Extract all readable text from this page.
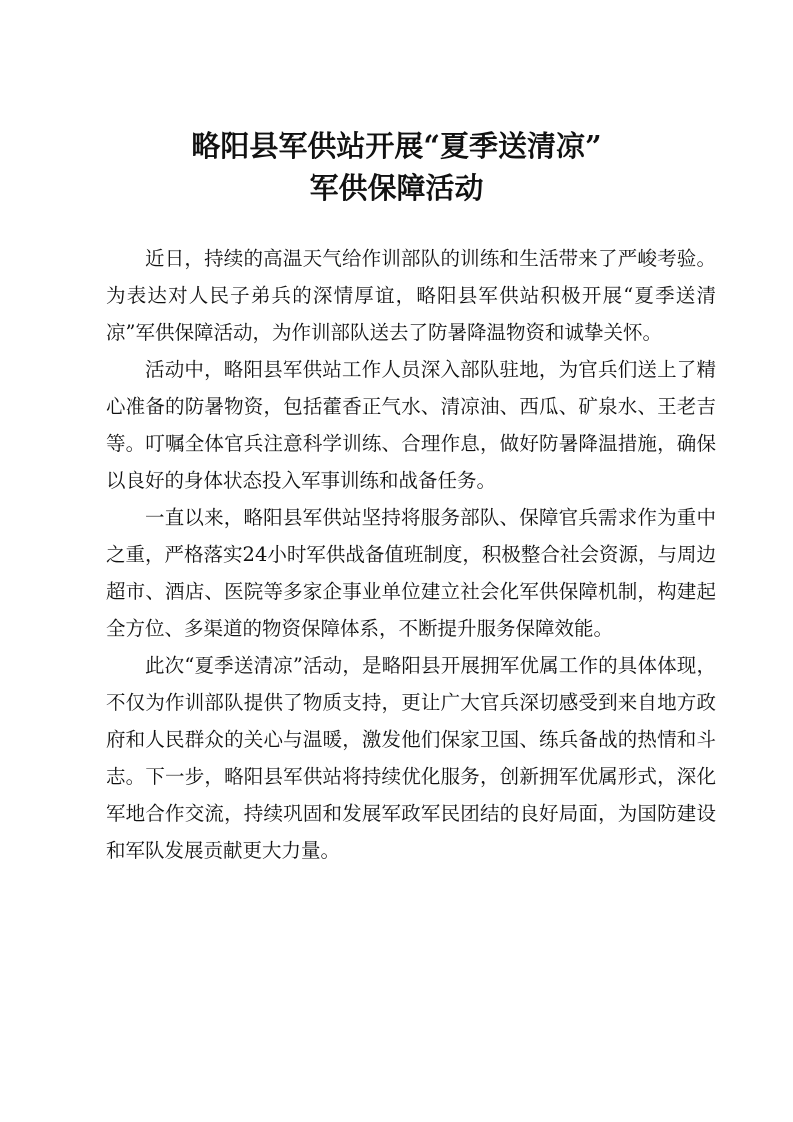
略阳县军供站开展“夏季送清凉”
军供保障活动

近日，持续的高温天气给作训部队的训练和生活带来了严峻考验。为表达对人民子弟兵的深情厚谊，略阳县军供站积极开展“夏季送清凉”军供保障活动，为作训部队送去了防暑降温物资和诚挚关怀。

活动中，略阳县军供站工作人员深入部队驻地，为官兵们送上了精心准备的防暑物资，包括藿香正气水、清凉油、西瓜、矿泉水、王老吉等。叮嘱全体官兵注意科学训练、合理作息，做好防暑降温措施，确保以良好的身体状态投入军事训练和战备任务。

一直以来，略阳县军供站坚持将服务部队、保障官兵需求作为重中之重，严格落实24小时军供战备值班制度，积极整合社会资源，与周边超市、酒店、医院等多家企事业单位建立社会化军供保障机制，构建起全方位、多渠道的物资保障体系，不断提升服务保障效能。

此次“夏季送清凉”活动，是略阳县开展拥军优属工作的具体体现，不仅为作训部队提供了物质支持，更让广大官兵深切感受到来自地方政府和人民群众的关心与温暖，激发他们保家卫国、练兵备战的热情和斗志。下一步，略阳县军供站将持续优化服务，创新拥军优属形式，深化军地合作交流，持续巩固和发展军政军民团结的良好局面，为国防建设和军队发展贡献更大力量。
